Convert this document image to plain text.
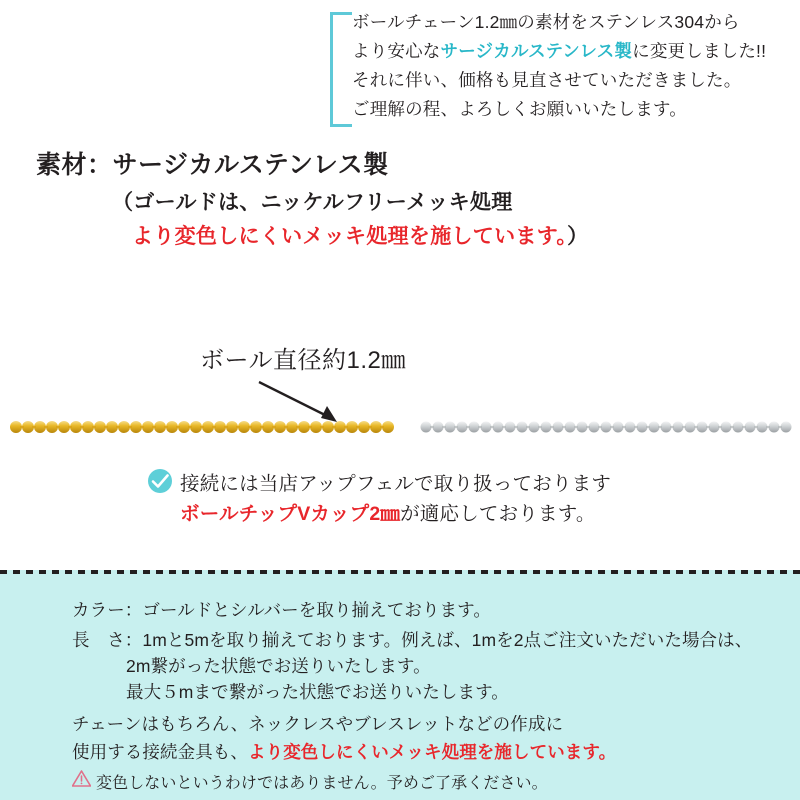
ボールチェーン1.2㎜の素材をステンレス304から
より安心なサージカルステンレス製に変更しました!!
それに伴い、価格も見直させていただきました。
ご理解の程、よろしくお願いいたします。
素材：サージカルステンレス製
（ゴールドは、ニッケルフリーメッキ処理
より変色しにくいメッキ処理を施しています。）
ボール直径約1.2㎜
接続には当店アップフェルで取り扱っております
ボールチップVカップ2㎜が適応しております。
カラー：ゴールドとシルバーを取り揃えております。
長　さ：1mと5mを取り揃えております。例えば、1mを2点ご注文いただいた場合は、
2m繋がった状態でお送りいたします。
最大５mまで繋がった状態でお送りいたします。
チェーンはもちろん、ネックレスやブレスレットなどの作成に
使用する接続金具も、より変色しにくいメッキ処理を施しています。
変色しないというわけではありません。予めご了承ください。
